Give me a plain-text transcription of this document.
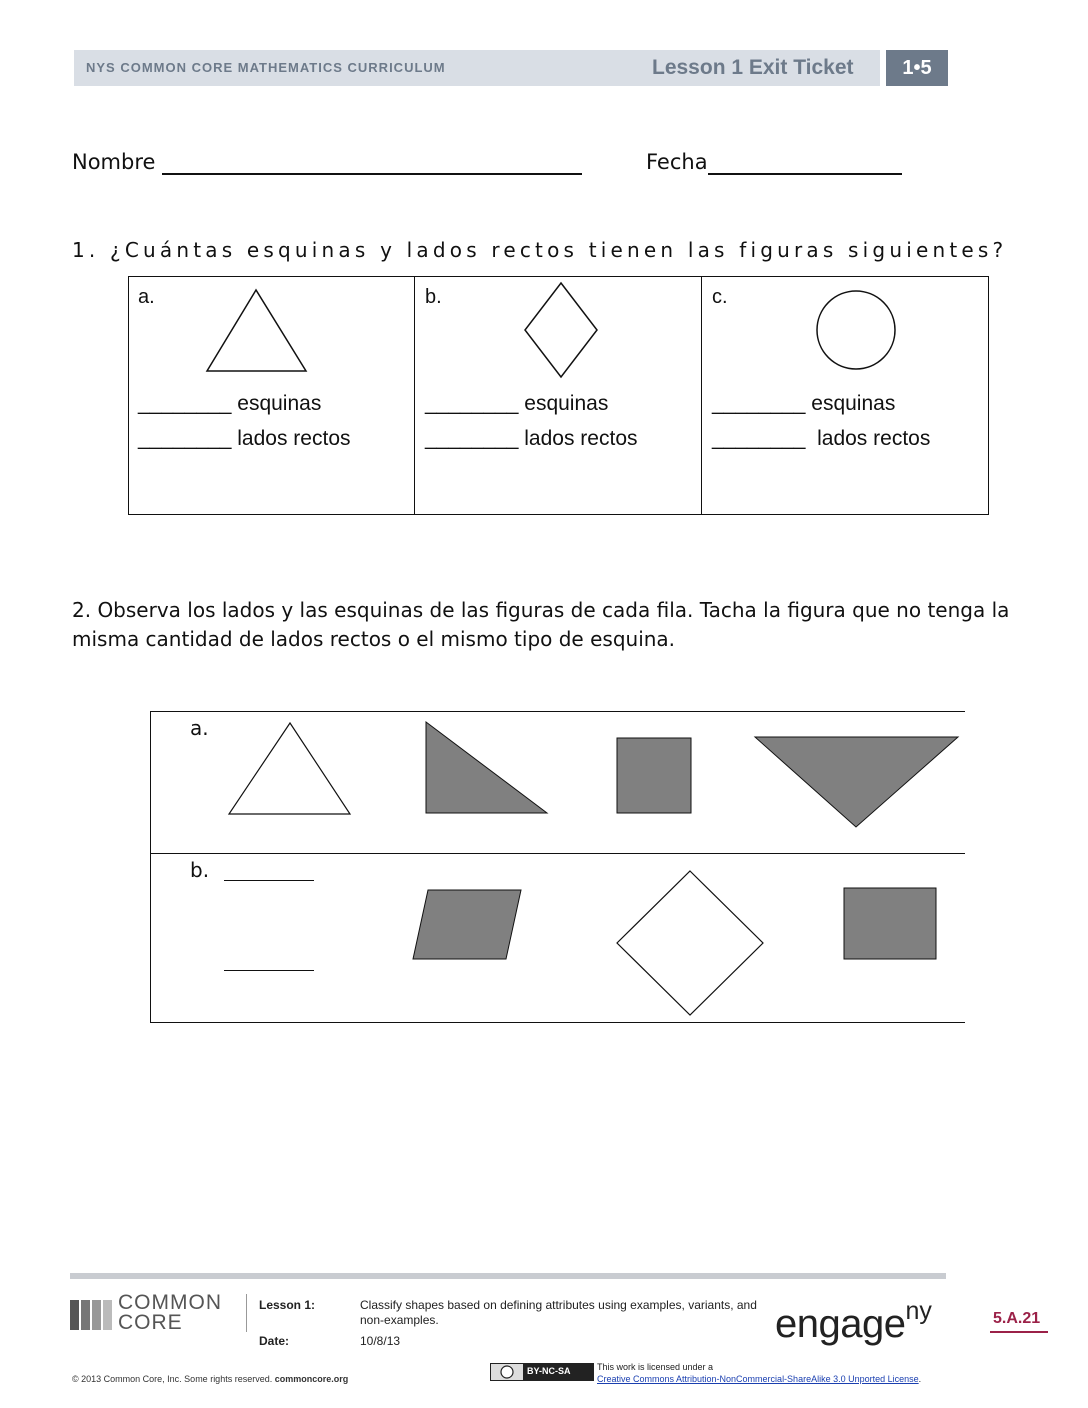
NYS COMMON CORE MATHEMATICS CURRICULUM	Lesson 1 Exit Ticket	1•5
Nombre	Fecha
1. ¿Cuántas esquinas y lados rectos tienen las figuras siguientes?
a.
________ esquinas
________ lados rectos
b.
________ esquinas
________ lados rectos
c.
________ esquinas
________  lados rectos
2. Observa los lados y las esquinas de las figuras de cada fila. Tacha la figura que no tenga la misma cantidad de lados rectos o el mismo tipo de esquina.
a.
b.
COMMON
CORE
Lesson 1:	Classify shapes based on defining attributes using examples, variants, and non-examples.
Date:	10/8/13	engage$^{ny}$	5.A.21
© 2013 Common Core, Inc. Some rights reserved. commoncore.org
BY-NC-SA	This work is licensed under a
Creative Commons Attribution-NonCommercial-ShareAlike 3.0 Unported License.
